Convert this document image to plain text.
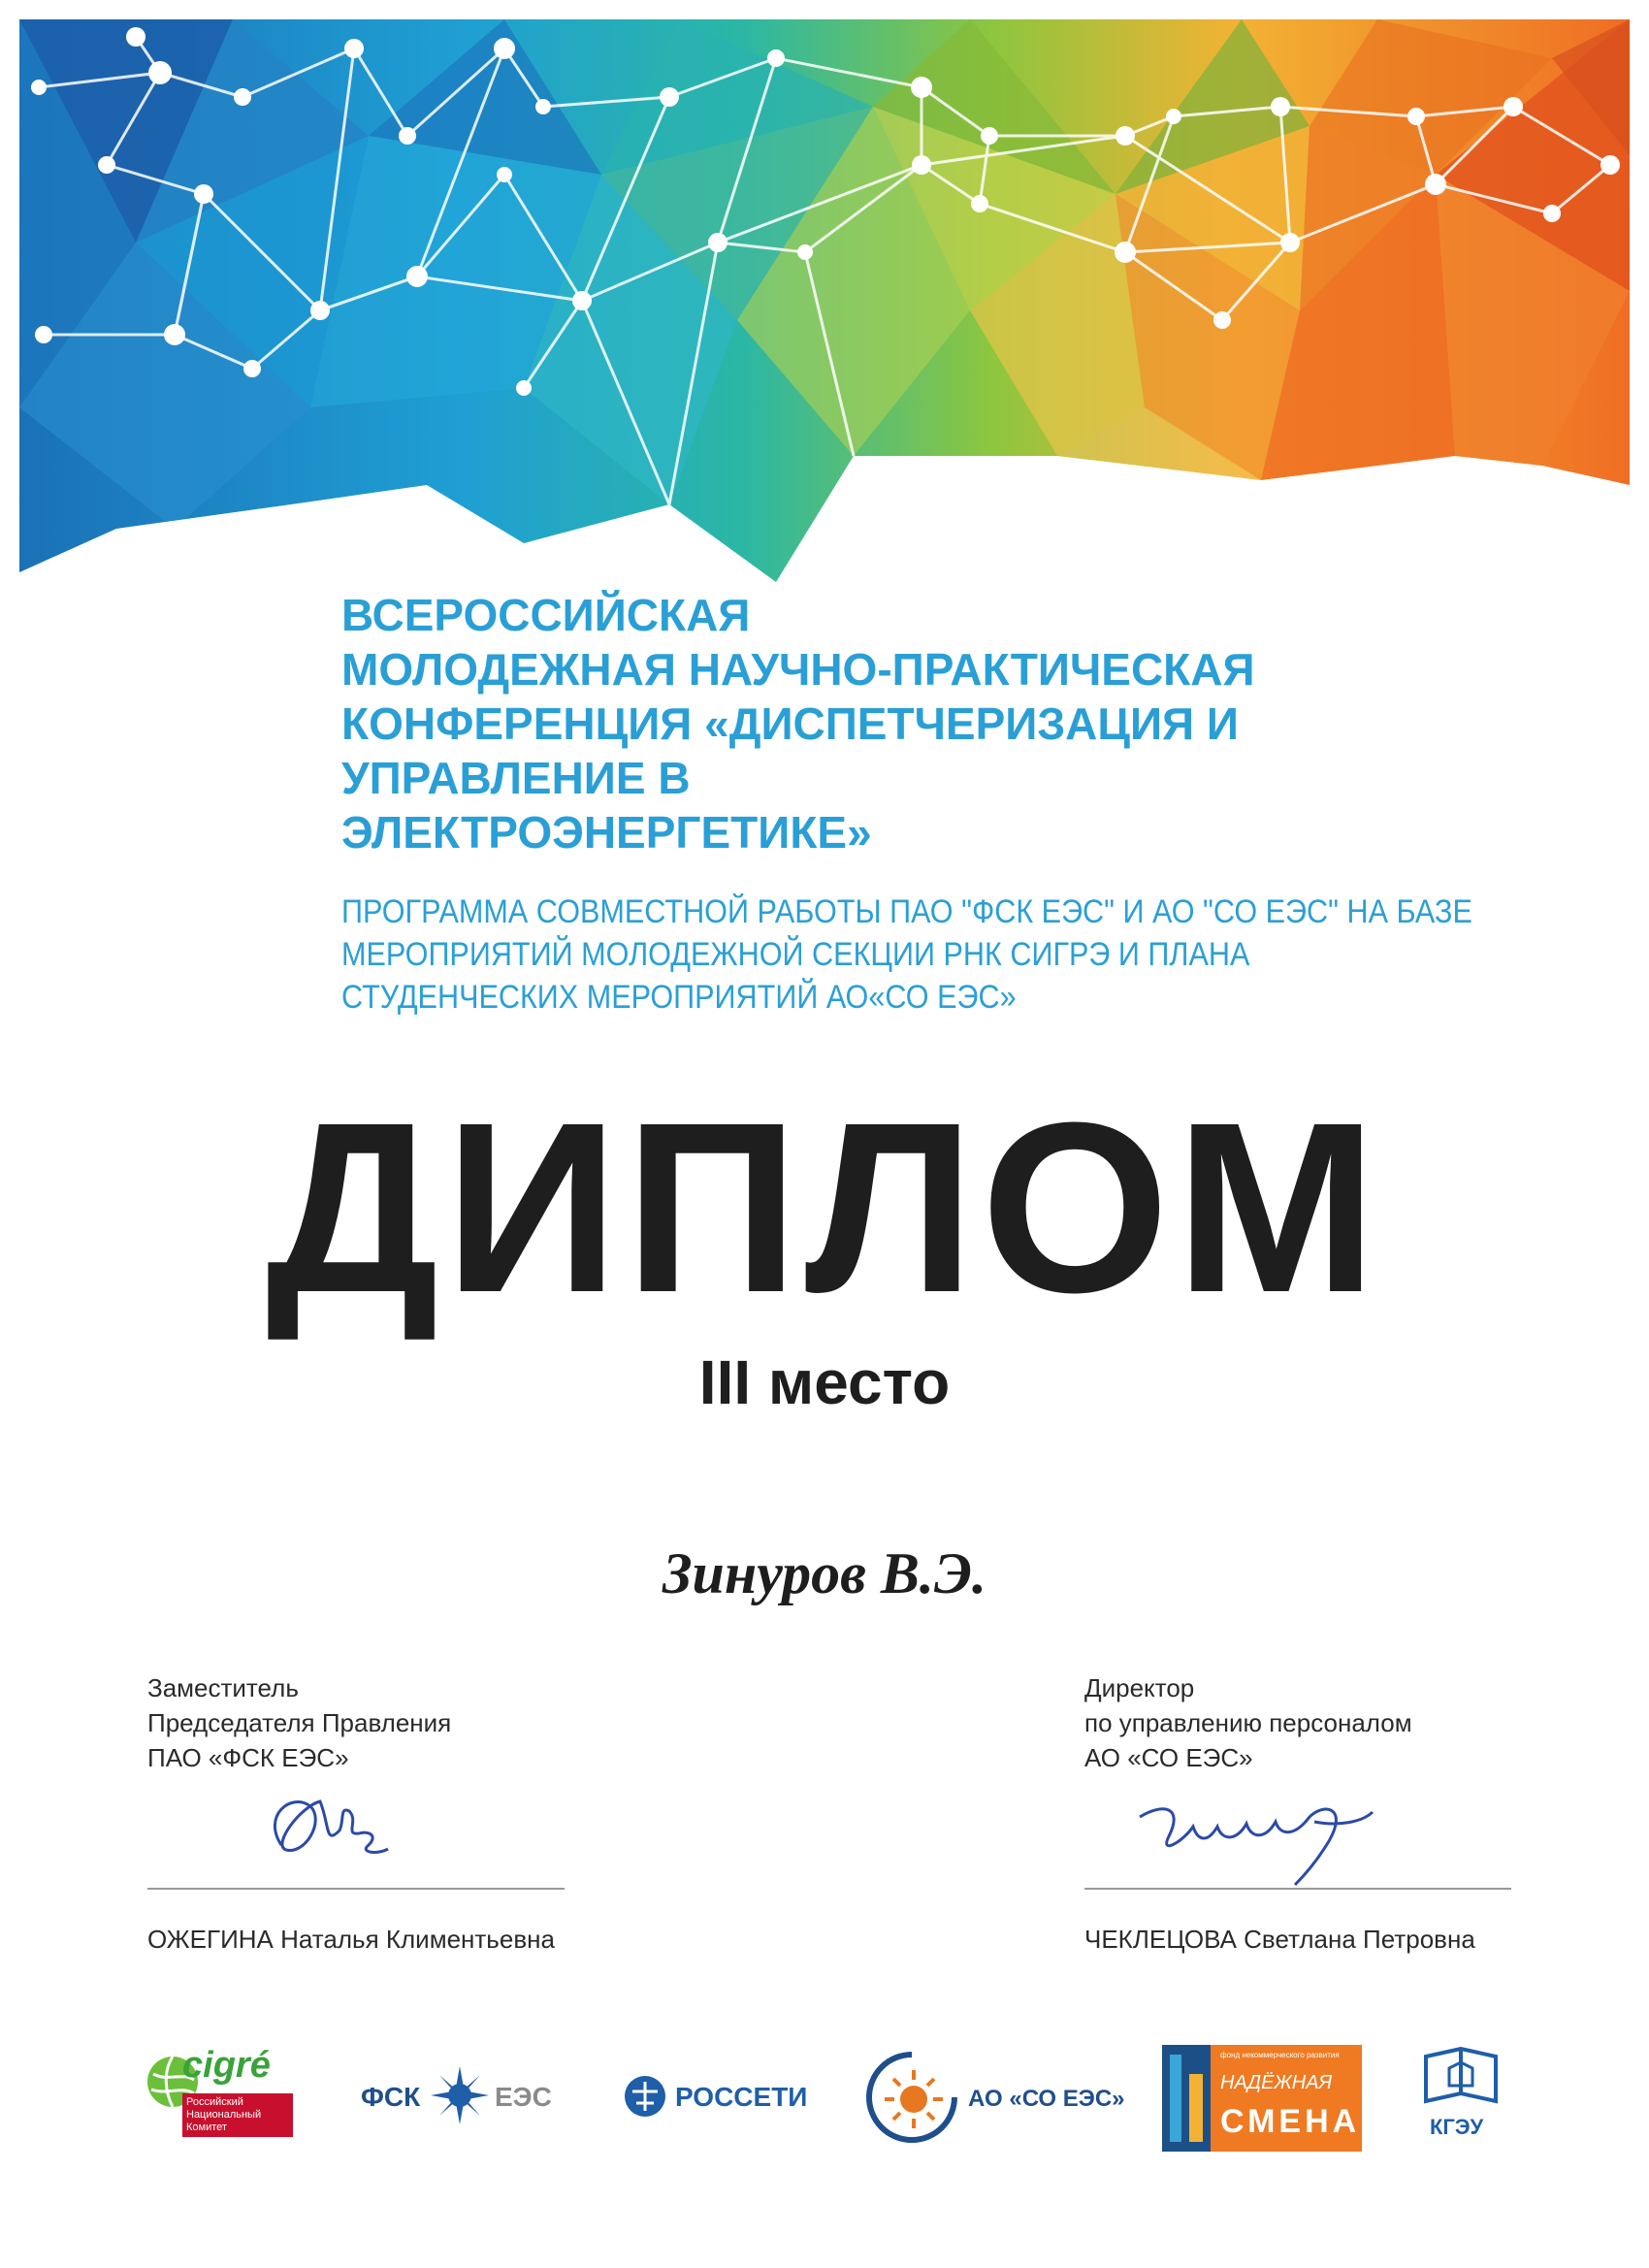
ВСЕРОССИЙСКАЯ
МОЛОДЕЖНАЯ НАУЧНО-ПРАКТИЧЕСКАЯ
КОНФЕРЕНЦИЯ «ДИСПЕТЧЕРИЗАЦИЯ И
УПРАВЛЕНИЕ В
ЭЛЕКТРОЭНЕРГЕТИКЕ»

ПРОГРАММА СОВМЕСТНОЙ РАБОТЫ ПАО "ФСК ЕЭС" И АО "СО ЕЭС" НА БАЗЕ
МЕРОПРИЯТИЙ МОЛОДЕЖНОЙ СЕКЦИИ РНК СИГРЭ И ПЛАНА
СТУДЕНЧЕСКИХ МЕРОПРИЯТИЙ АО«СО ЕЭС»

ДИПЛОМ
III место
Зинуров В.Э.
Заместитель
Председателя Правления
ПАО «ФСК ЕЭС»
ОЖЕГИНА Наталья Климентьевна
Директор
по управлению персоналом
АО «СО ЕЭС»
ЧЕКЛЕЦОВА Светлана Петровна
cigré
Российский
Национальный
Комитет
ФСК	ЕЭС	РОССЕТИ	АО «СО ЕЭС»
фонд некоммерческого развития
НАДЁЖНАЯ
СМЕНА	КГЭУ
